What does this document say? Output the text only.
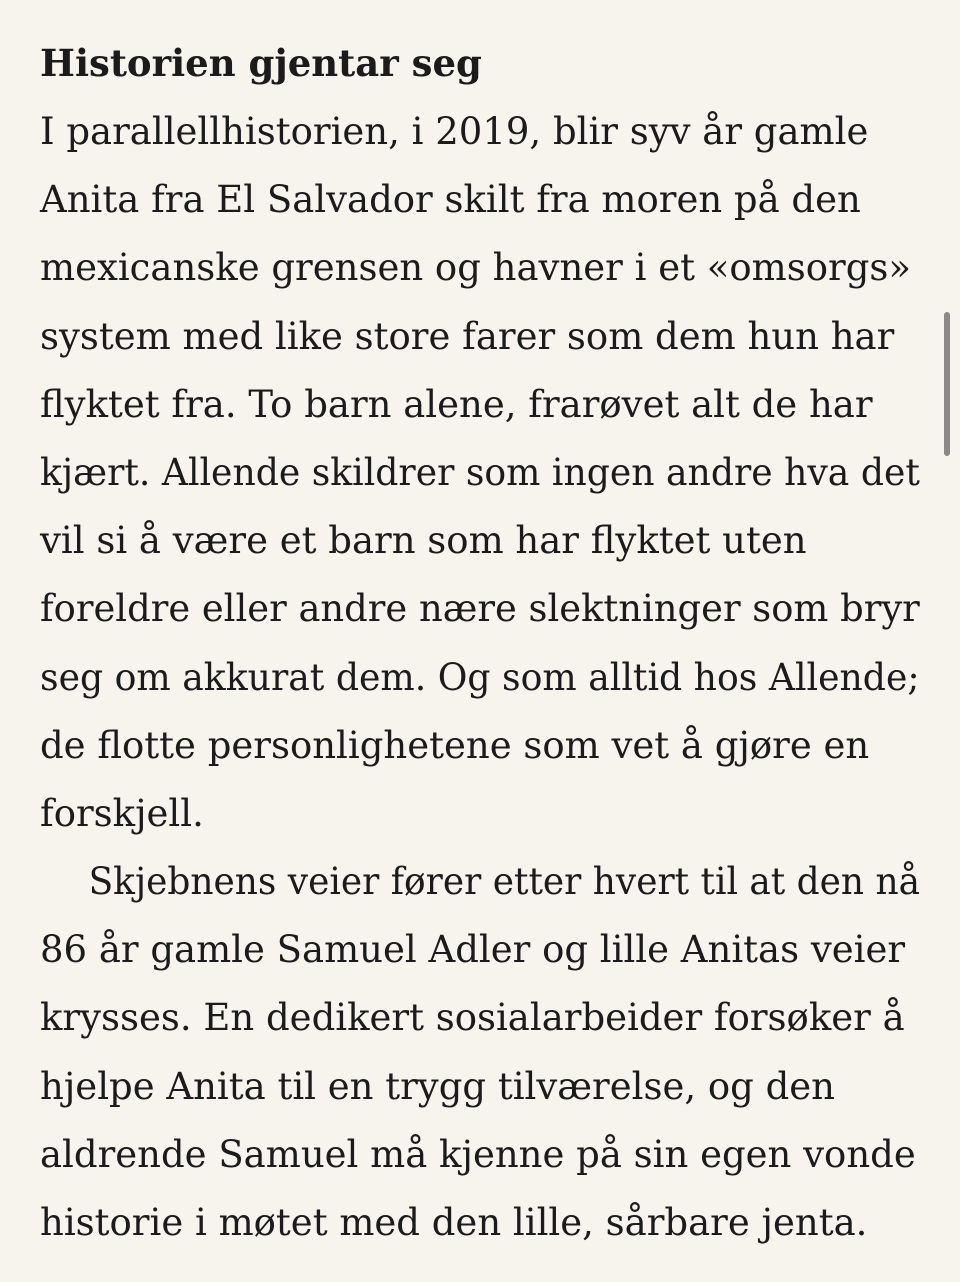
Historien gjentar seg

I parallellhistorien, i 2019, blir syv år gamle
Anita fra El Salvador skilt fra moren på den
mexicanske grensen og havner i et «omsorgs»
system med like store farer som dem hun har
flyktet fra. To barn alene, frarøvet alt de har
kjært. Allende skildrer som ingen andre hva det
vil si å være et barn som har flyktet uten
foreldre eller andre nære slektninger som bryr
seg om akkurat dem. Og som alltid hos Allende;
de flotte personlighetene som vet å gjøre en
forskjell.

Skjebnens veier fører etter hvert til at den nå
86 år gamle Samuel Adler og lille Anitas veier
krysses. En dedikert sosialarbeider forsøker å
hjelpe Anita til en trygg tilværelse, og den
aldrende Samuel må kjenne på sin egen vonde
historie i møtet med den lille, sårbare jenta.
